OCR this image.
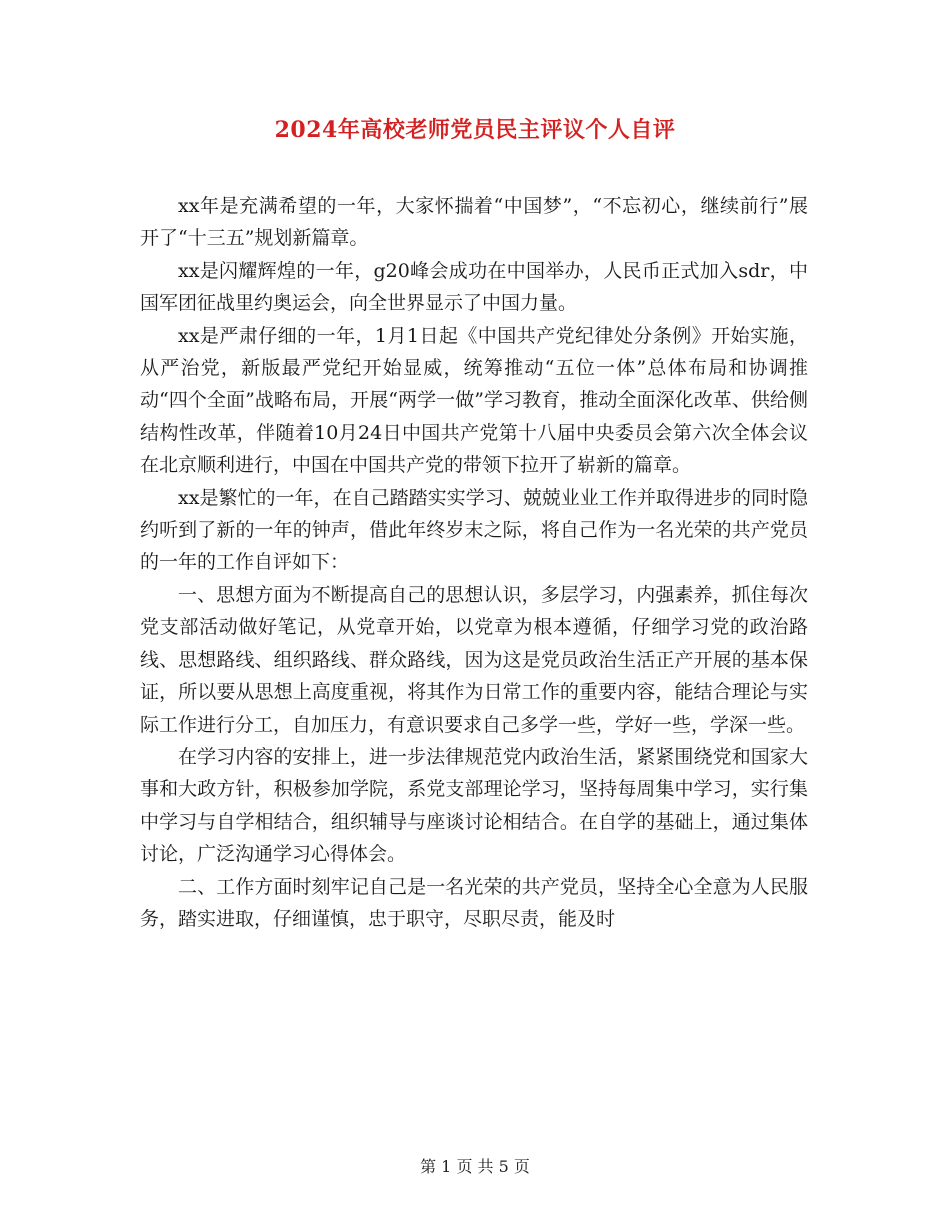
2024年高校老师党员民主评议个人自评

xx年是充满希望的一年，大家怀揣着“中国梦”，“不忘初心，继续前行”展开了“十三五”规划新篇章。

xx是闪耀辉煌的一年，g20峰会成功在中国举办，人民币正式加入sdr，中国军团征战里约奥运会，向全世界显示了中国力量。

xx是严肃仔细的一年，1月1日起《中国共产党纪律处分条例》开始实施，从严治党，新版最严党纪开始显威，统筹推动“五位一体”总体布局和协调推动“四个全面”战略布局，开展“两学一做”学习教育，推动全面深化改革、供给侧结构性改革，伴随着10月24日中国共产党第十八届中央委员会第六次全体会议在北京顺利进行，中国在中国共产党的带领下拉开了崭新的篇章。

xx是繁忙的一年，在自己踏踏实实学习、兢兢业业工作并取得进步的同时隐约听到了新的一年的钟声，借此年终岁末之际，将自己作为一名光荣的共产党员的一年的工作自评如下：

一、思想方面为不断提高自己的思想认识，多层学习，内强素养，抓住每次党支部活动做好笔记，从党章开始，以党章为根本遵循，仔细学习党的政治路线、思想路线、组织路线、群众路线，因为这是党员政治生活正产开展的基本保证，所以要从思想上高度重视，将其作为日常工作的重要内容，能结合理论与实际工作进行分工，自加压力，有意识要求自己多学一些，学好一些，学深一些。

在学习内容的安排上，进一步法律规范党内政治生活，紧紧围绕党和国家大事和大政方针，积极参加学院，系党支部理论学习，坚持每周集中学习，实行集中学习与自学相结合，组织辅导与座谈讨论相结合。在自学的基础上，通过集体讨论，广泛沟通学习心得体会。

二、工作方面时刻牢记自己是一名光荣的共产党员，坚持全心全意为人民服务，踏实进取，仔细谨慎，忠于职守，尽职尽责，能及时

第 1 页 共 5 页
